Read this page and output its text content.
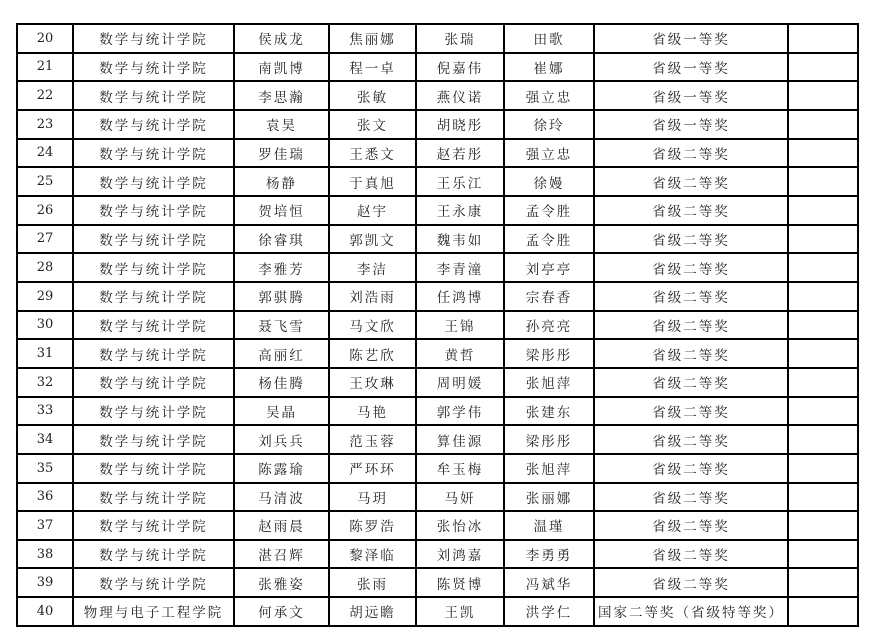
20	数学与统计学院	侯成龙	焦丽娜	张瑞	田歌	省级一等奖	
21	数学与统计学院	南凯博	程一卓	倪嘉伟	崔娜	省级一等奖	
22	数学与统计学院	李思瀚	张敏	燕仪诺	强立忠	省级一等奖	
23	数学与统计学院	袁昊	张文	胡晓彤	徐玲	省级一等奖	
24	数学与统计学院	罗佳瑞	王悉文	赵若彤	强立忠	省级二等奖	
25	数学与统计学院	杨静	于真旭	王乐江	徐嫚	省级二等奖	
26	数学与统计学院	贺培恒	赵宇	王永康	孟令胜	省级二等奖	
27	数学与统计学院	徐睿琪	郭凯文	魏韦如	孟令胜	省级二等奖	
28	数学与统计学院	李雅芳	李洁	李青潼	刘亭亭	省级二等奖	
29	数学与统计学院	郭骐腾	刘浩雨	任鸿博	宗春香	省级二等奖	
30	数学与统计学院	聂飞雪	马文欣	王锦	孙亮亮	省级二等奖	
31	数学与统计学院	高丽红	陈艺欣	黄哲	梁彤彤	省级二等奖	
32	数学与统计学院	杨佳腾	王玫琳	周明媛	张旭萍	省级二等奖	
33	数学与统计学院	吴晶	马艳	郭学伟	张建东	省级二等奖	
34	数学与统计学院	刘兵兵	范玉蓉	算佳源	梁彤彤	省级二等奖	
35	数学与统计学院	陈露瑜	严环环	牟玉梅	张旭萍	省级二等奖	
36	数学与统计学院	马清波	马玥	马妍	张丽娜	省级二等奖	
37	数学与统计学院	赵雨晨	陈罗浩	张怡冰	温瑾	省级二等奖	
38	数学与统计学院	湛召辉	黎泽临	刘鸿嘉	李勇勇	省级二等奖	
39	数学与统计学院	张雅姿	张雨	陈贤博	冯斌华	省级二等奖	
40	物理与电子工程学院	何承文	胡远瞻	王凯	洪学仁	国家二等奖（省级特等奖）	
